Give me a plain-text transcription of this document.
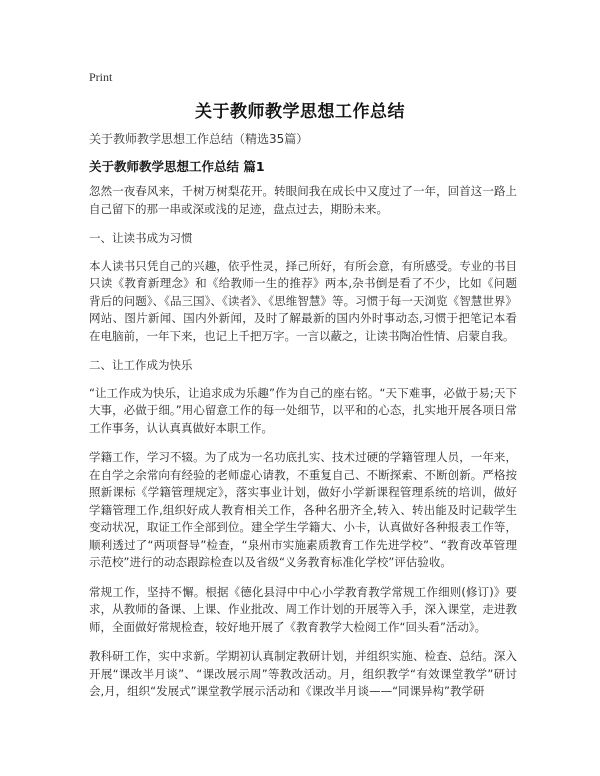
Print
关于教师教学思想工作总结

关于教师教学思想工作总结（精选35篇）

关于教师教学思想工作总结 篇1

忽然一夜春风来，千树万树梨花开。转眼间我在成长中又度过了一年，回首这一路上自己留下的那一串或深或浅的足迹，盘点过去，期盼未来。

一、让读书成为习惯

本人读书只凭自己的兴趣，依乎性灵，择己所好，有所会意，有所感受。专业的书目只读《教育新理念》和《给教师一生的推荐》两本,杂书倒是看了不少，比如《问题背后的问题》、《品三国》、《读者》、《思维智慧》等。习惯于每一天浏览《智慧世界》网站、图片新闻、国内外新闻，及时了解最新的国内外时事动态,习惯于把笔记本看在电脑前，一年下来，也记上千把万字。一言以蔽之，让读书陶冶性情、启蒙自我。

二、让工作成为快乐

“让工作成为快乐，让追求成为乐趣”作为自己的座右铭。“天下难事，必做于易;天下大事，必做于细。”用心留意工作的每一处细节，以平和的心态，扎实地开展各项日常工作事务，认认真真做好本职工作。

学籍工作，学习不辍。为了成为一名功底扎实、技术过硬的学籍管理人员，一年来，在自学之余常向有经验的老师虚心请教，不重复自己、不断探索、不断创新。严格按照新课标《学籍管理规定》，落实事业计划，做好小学新课程管理系统的培训，做好学籍管理工作,组织好成人教育相关工作，各种名册齐全,转入、转出能及时记载学生变动状况，取证工作全部到位。建全学生学籍大、小卡，认真做好各种报表工作等，顺利透过了“两项督导”检查，“泉州市实施素质教育工作先进学校”、“教育改革管理示范校”进行的动态跟踪检查以及省级“义务教育标准化学校”评估验收。

常规工作，坚持不懈。根据《德化县浔中中心小学教育教学常规工作细则(修订)》要求，从教师的备课、上课、作业批改、周工作计划的开展等入手，深入课堂，走进教师，全面做好常规检查，较好地开展了《教育教学大检阅工作“回头看”活动》。

教科研工作，实中求新。学期初认真制定教研计划，并组织实施、检查、总结。深入开展“课改半月谈”、“课改展示周”等教改活动。月，组织教学“有效课堂教学”研讨会,月，组织“发展式”课堂教学展示活动和《课改半月谈——“同课异构”教学研
